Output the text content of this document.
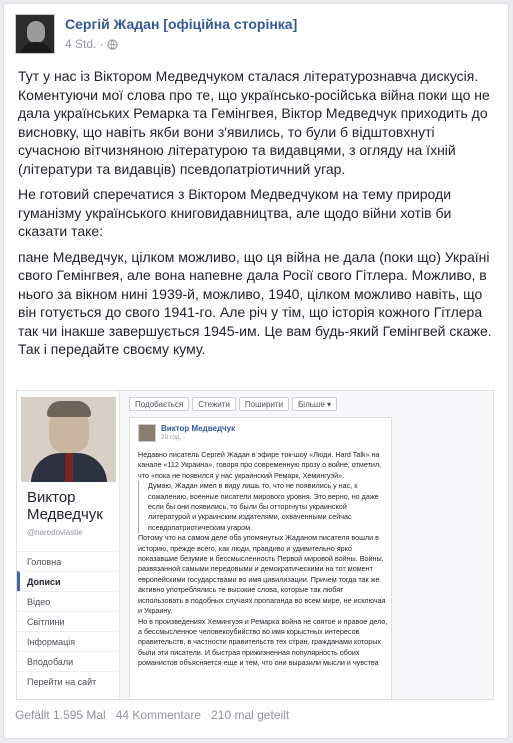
Сергій Жадан [офіційна сторінка]
4 Std. ·

Тут у нас із Віктором Медведчуком сталася літературознавча дискусія. Коментуючи мої слова про те, що українсько-російська війна поки що не дала українських Ремарка та Гемінгвея, Віктор Медведчук приходить до висновку, що навіть якби вони з'явились, то були б відштовхнуті сучасною вітчизняною літературою та видавцями, з огляду на їхній (літератури та видавців) псевдопатріотичний угар.

Не готовий сперечатися з Віктором Медведчуком на тему природи гуманізму українського книговидавництва, але щодо війни хотів би сказати таке:

пане Медведчук, цілком можливо, що ця війна не дала (поки що) Україні свого Гемінгвея, але вона напевне дала Росії свого Гітлера. Можливо, в нього за вікном нині 1939-й, можливо, 1940, цілком можливо навіть, що він готується до свого 1941-го. Але річ у тім, що історія кожного Гітлера так чи інакше завершується 1945-им. Це вам будь-який Гемінгвей скаже.

Так і передайте своєму куму.

Виктор Медведчук
@narodovlastie
Головна
Дописи
Відео
Світлини
Інформація
Вподобали
Перейти на сайт
Подобається	Стежити	Поширити	Більше ▾
Виктор Медведчук
20 год. ·

Недавно писатель Сергей Жадан в эфире ток-шоу «Люди. Hard Talk» на канале «112 Украина», говоря про современную прозу о войне, отметил, что «пока не появился у нас украинский Ремарк, Хемингуэй».

Думаю, Жадан имел в виду лишь то, что не появились у нас, к сожалению, военные писатели мирового уровня. Это верно, но даже если бы они появились, то были бы отторгнуты украинской литературой и украинским издателями, охваченными сейчас псевдопатриотическим угаром.

Потому что на самом деле оба упомянутых Жаданом писателя вошли в историю, прежде всего, как люди, правдиво и удивительно ярко показавшие безумие и бессмысленность Первой мировой войны. Войны, развязанной самыми передовыми и демократическими на тот момент европейскими государствами во имя цивилизации. Причем тогда так же активно употреблялись те высокие слова, которые так любят использовать в подобных случаях пропаганда во всем мире, не исключая и Украину.

Но в произведениях Хемингуэя и Ремарка война не святое и правое дело, а бессмысленное человекоубийство во имя корыстных интересов правительств, в частности правительств тех стран, гражданами которых были эти писатели. И быстрая прижизненная популярность обоих романистов объясняется еще и тем, что они выразили мысли и чувства

Gefällt 1.595 Mal 44 Kommentare 210 mal geteilt
